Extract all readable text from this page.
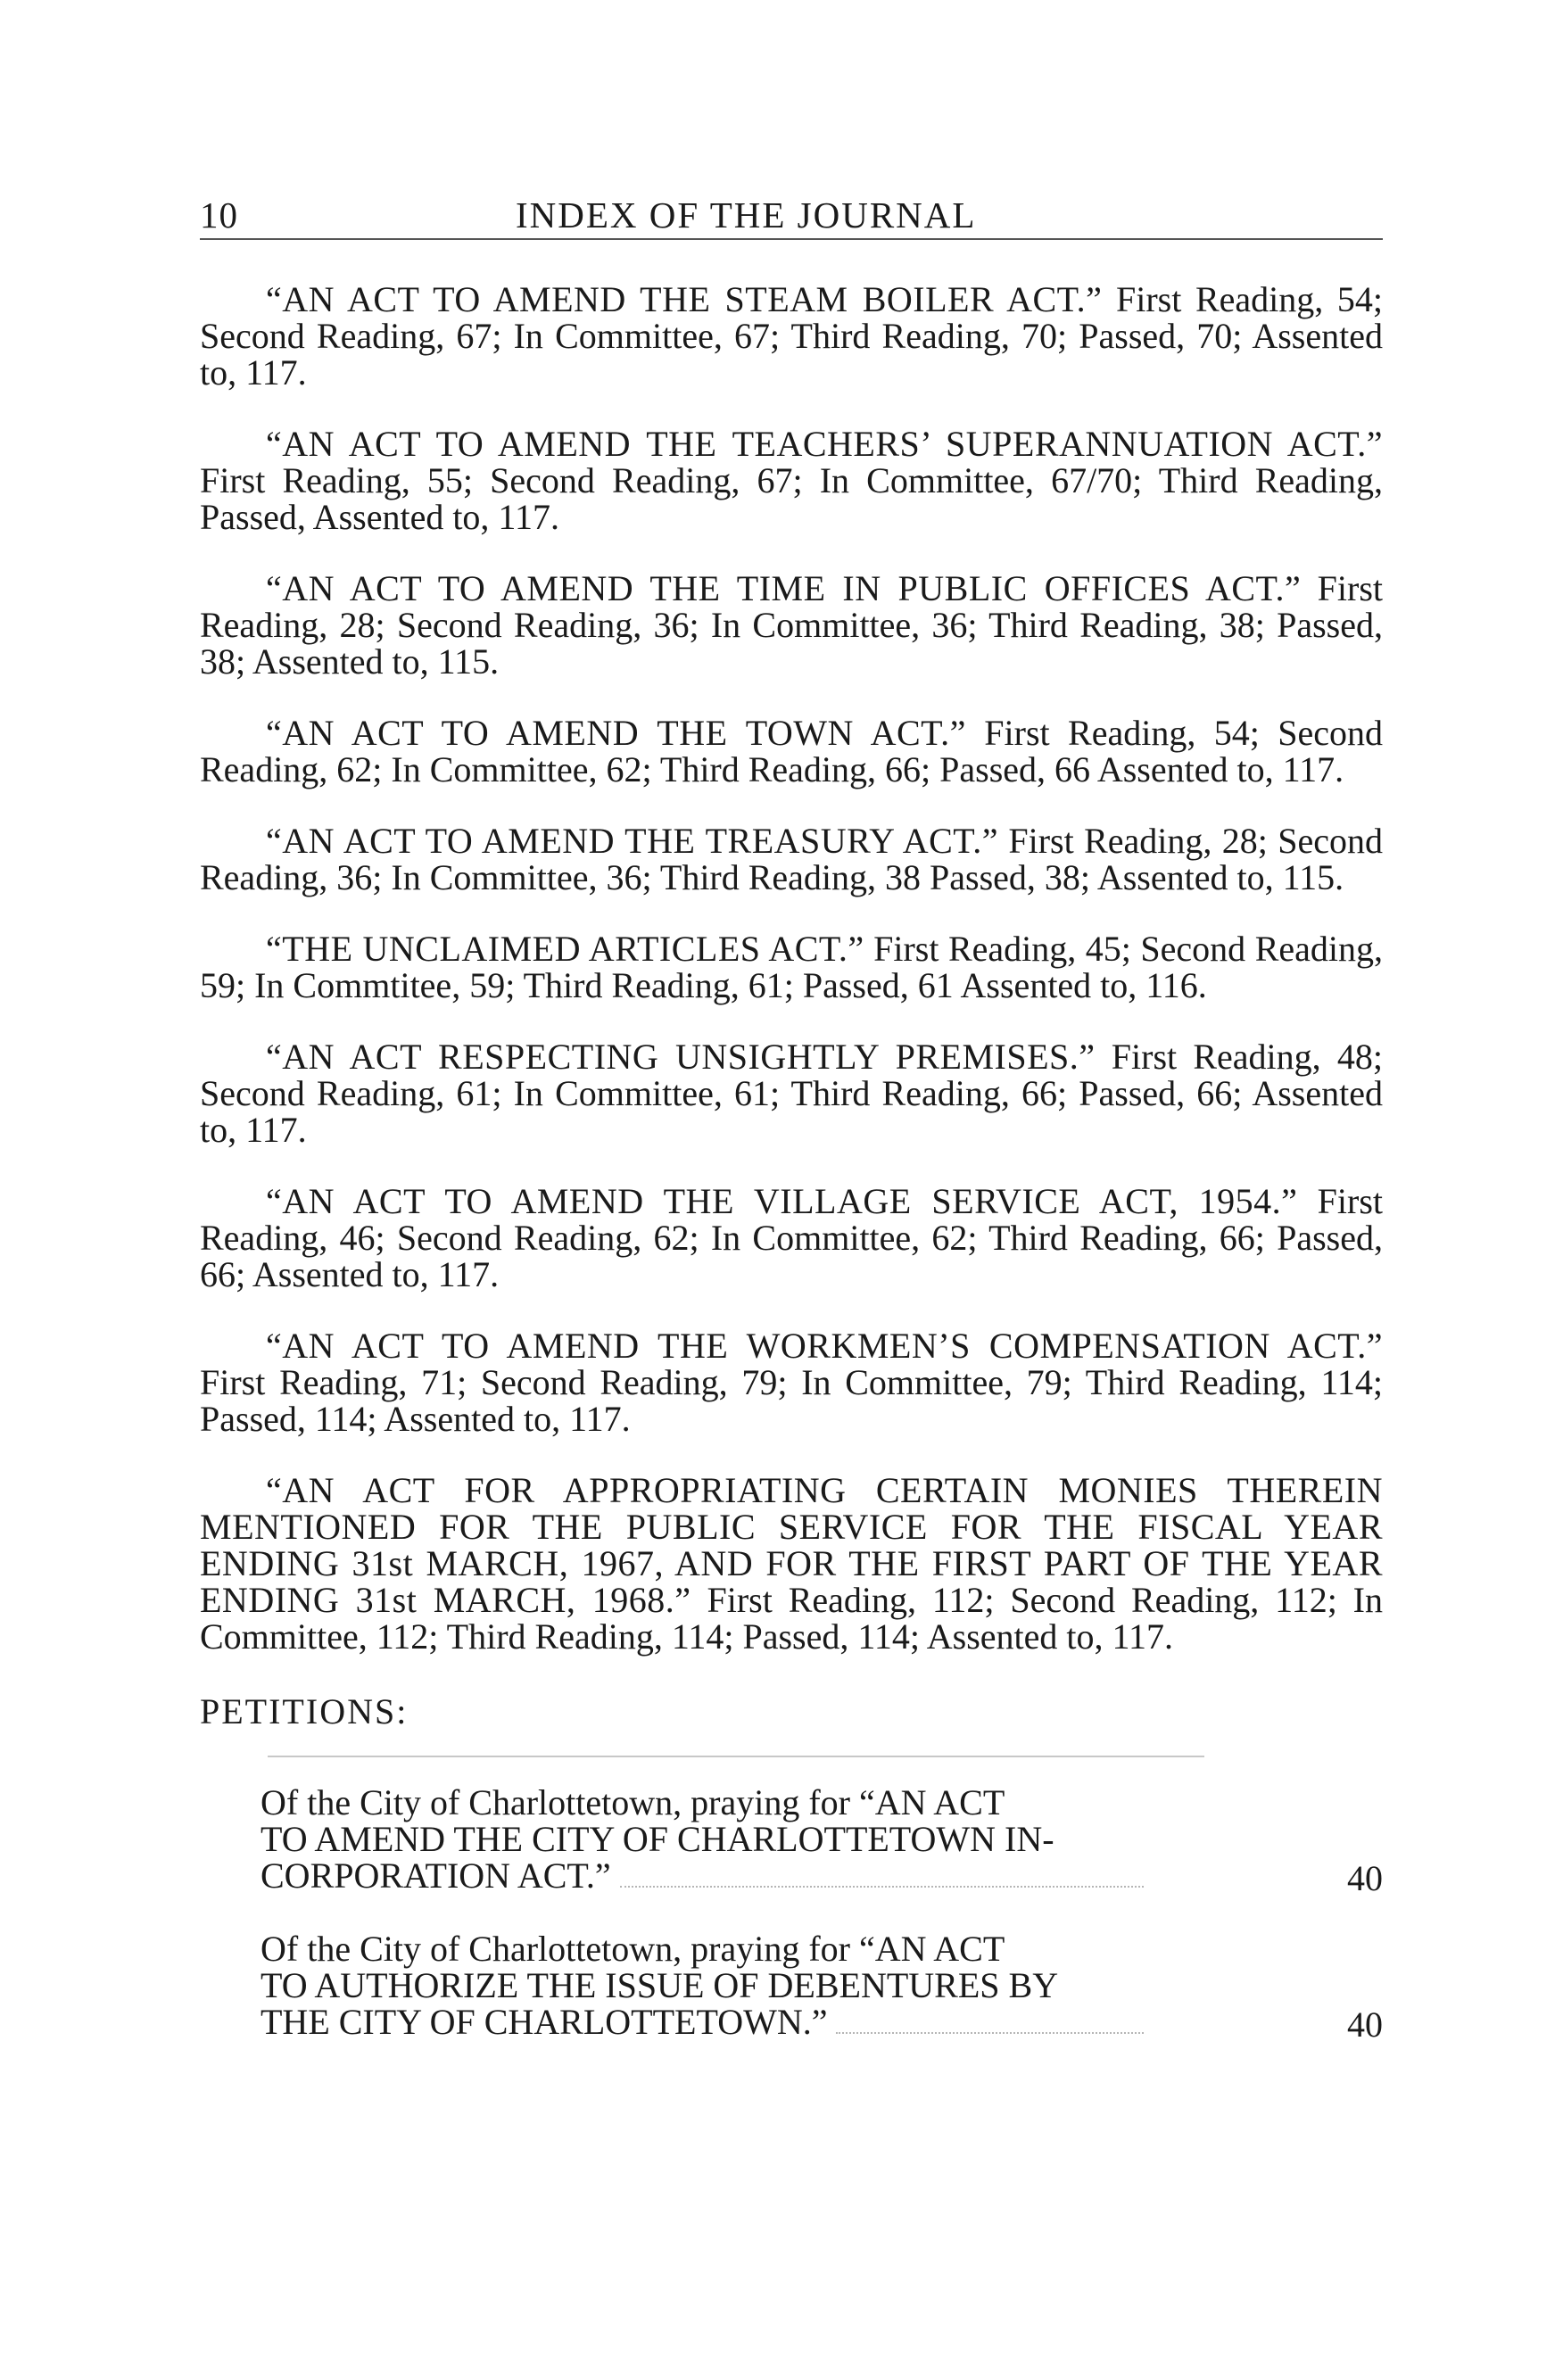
10	INDEX OF THE JOURNAL

“AN ACT TO AMEND THE STEAM BOILER ACT.” First Reading, 54; Second Reading, 67; In Committee, 67; Third Reading, 70; Passed, 70; Assented to, 117.

“AN ACT TO AMEND THE TEACHERS’ SUPERANNUATION ACT.” First Reading, 55; Second Reading, 67; In Committee, 67/70; Third Reading, Passed, Assented to, 117.

“AN ACT TO AMEND THE TIME IN PUBLIC OFFICES ACT.” First Reading, 28; Second Reading, 36; In Committee, 36; Third Reading, 38; Passed, 38; Assented to, 115.

“AN ACT TO AMEND THE TOWN ACT.” First Reading, 54; Second Reading, 62; In Committee, 62; Third Reading, 66; Passed, 66 Assented to, 117.

“AN ACT TO AMEND THE TREASURY ACT.” First Reading, 28; Second Reading, 36; In Committee, 36; Third Reading, 38 Passed, 38; Assented to, 115.

“THE UNCLAIMED ARTICLES ACT.” First Reading, 45; Second Reading, 59; In Commtitee, 59; Third Reading, 61; Passed, 61 Assented to, 116.

“AN ACT RESPECTING UNSIGHTLY PREMISES.” First Reading, 48; Second Reading, 61; In Committee, 61; Third Reading, 66; Passed, 66; Assented to, 117.

“AN ACT TO AMEND THE VILLAGE SERVICE ACT, 1954.” First Reading, 46; Second Reading, 62; In Committee, 62; Third Reading, 66; Passed, 66; Assented to, 117.

“AN ACT TO AMEND THE WORKMEN’S COMPENSATION ACT.” First Reading, 71; Second Reading, 79; In Committee, 79; Third Reading, 114; Passed, 114; Assented to, 117.

“AN ACT FOR APPROPRIATING CERTAIN MONIES THEREIN MENTIONED FOR THE PUBLIC SERVICE FOR THE FISCAL YEAR ENDING 31st MARCH, 1967, AND FOR THE FIRST PART OF THE YEAR ENDING 31st MARCH, 1968.” First Reading, 112; Second Reading, 112; In Committee, 112; Third Reading, 114; Passed, 114; Assented to, 117.

PETITIONS:
Of the City of Charlottetown, praying for “AN ACT
TO AMEND THE CITY OF CHARLOTTETOWN IN-
CORPORATION ACT.”	40
Of the City of Charlottetown, praying for “AN ACT
TO AUTHORIZE THE ISSUE OF DEBENTURES BY
THE CITY OF CHARLOTTETOWN.”	40
